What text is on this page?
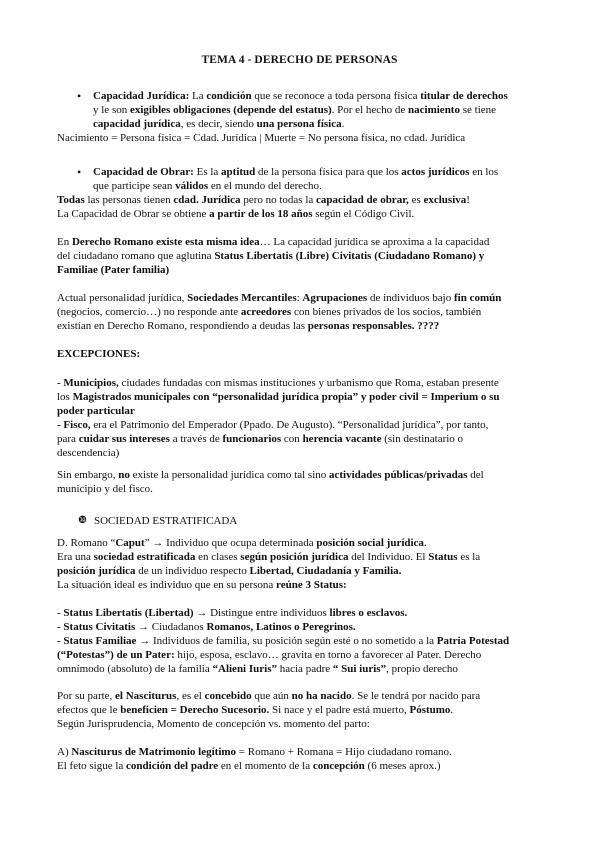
TEMA 4 - DERECHO DE PERSONAS
• Capacidad Jurídica: La condición que se reconoce a toda persona física titular de derechos
y le son exigibles obligaciones (depende del estatus). Por el hecho de nacimiento se tiene
capacidad jurídica, es decir, siendo una persona física.
Nacimiento = Persona física = Cdad. Jurídica | Muerte = No persona física, no cdad. Jurídica
• Capacidad de Obrar: Es la aptitud de la persona física para que los actos jurídicos en los
que participe sean válidos en el mundo del derecho.
Todas las personas tienen cdad. Jurídica pero no todas la capacidad de obrar, es exclusiva!
La Capacidad de Obrar se obtiene a partir de los 18 años según el Código Civil.
En Derecho Romano existe esta misma idea… La capacidad jurídica se aproxima a la capacidad
del ciudadano romano que aglutina Status Libertatis (Libre) Civitatis (Ciudadano Romano) y
Familiae (Pater familia)
Actual personalidad jurídica, Sociedades Mercantiles: Agrupaciones de individuos bajo fin común
(negocios, comercio…) no responde ante acreedores con bienes privados de los socios, también
existían en Derecho Romano, respondiendo a deudas las personas responsables. ????
EXCEPCIONES:
- Municipios, ciudades fundadas con mismas instituciones y urbanismo que Roma, estaban presente
los Magistrados municipales con “personalidad jurídica propia” y poder civil = Imperium o su
poder particular
- Fisco, era el Patrimonio del Emperador (Ppado. De Augusto). “Personalidad jurídica”, por tanto,
para cuidar sus intereses a través de funcionarios con herencia vacante (sin destinatario o
descendencia)
Sin embargo, no existe la personalidad jurídica como tal sino actividades públicas/privadas del
municipio y del fisco.
❿ SOCIEDAD ESTRATIFICADA
D. Romano “Caput” → Individuo que ocupa determinada posición social jurídica.
Era una sociedad estratificada en clases según posición jurídica del Individuo. El Status es la
posición jurídica de un individuo respecto Libertad, Ciudadanía y Familia.
La situación ideal es individuo que en su persona reúne 3 Status:
- Status Libertatis (Libertad) → Distingue entre individuos libres o esclavos.
- Status Civitatis → Ciudadanos Romanos, Latinos o Peregrinos.
- Status Familiae → Individuos de familia, su posición según esté o no sometido a la Patria Potestad
(“Potestas”) de un Pater: hijo, esposa, esclavo… gravita en torno a favorecer al Pater. Derecho
omnímodo (absoluto) de la familia “Alieni Iuris” hacia padre “ Sui iuris”, propio derecho
Por su parte, el Nasciturus, es el concebido que aún no ha nacido. Se le tendrá por nacido para
efectos que le beneficien = Derecho Sucesorio. Si nace y el padre está muerto, Póstumo.
Según Jurisprudencia, Momento de concepción vs. momento del parto:
A) Nasciturus de Matrimonio legítimo = Romano + Romana = Hijo ciudadano romano.
El feto sigue la condición del padre en el momento de la concepción (6 meses aprox.)
